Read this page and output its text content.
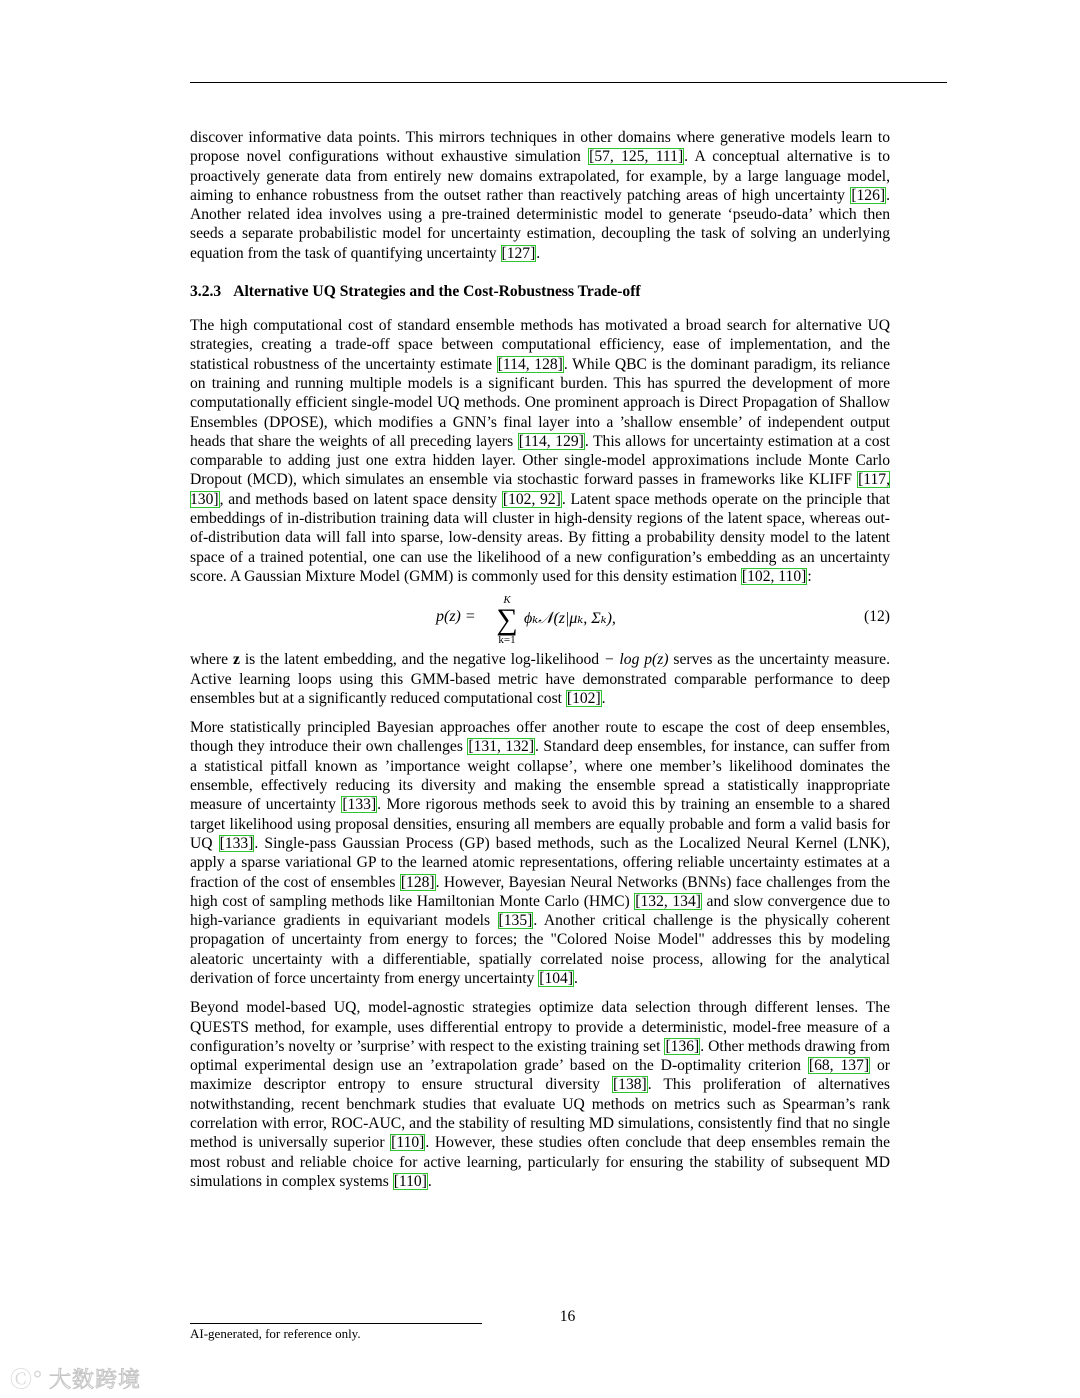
discover informative data points. This mirrors techniques in other domains where generative models learn to propose novel configurations without exhaustive simulation [57, 125, 111]. A conceptual alternative is to proactively generate data from entirely new domains extrapolated, for example, by a large language model, aiming to enhance robustness from the outset rather than reactively patching areas of high uncertainty [126]. Another related idea involves using a pre-trained deterministic model to generate ‘pseudo-data’ which then seeds a separate probabilistic model for uncertainty estimation, decoupling the task of solving an underlying equation from the task of quantifying uncertainty [127].

3.2.3 Alternative UQ Strategies and the Cost-Robustness Trade-off

The high computational cost of standard ensemble methods has motivated a broad search for alternative UQ strategies, creating a trade-off space between computational efficiency, ease of implementation, and the statistical robustness of the uncertainty estimate [114, 128]. While QBC is the dominant paradigm, its reliance on training and running multiple models is a significant burden. This has spurred the development of more computationally efficient single-model UQ methods. One prominent approach is Direct Propagation of Shallow Ensembles (DPOSE), which modifies a GNN’s final layer into a ’shallow ensemble’ of independent output heads that share the weights of all preceding layers [114, 129]. This allows for uncertainty estimation at a cost comparable to adding just one extra hidden layer. Other single-model approximations include Monte Carlo Dropout (MCD), which simulates an ensemble via stochastic forward passes in frameworks like KLIFF [117, 130], and methods based on latent space density [102, 92]. Latent space methods operate on the principle that embeddings of in-distribution training data will cluster in high-density regions of the latent space, whereas out-of-distribution data will fall into sparse, low-density areas. By fitting a probability density model to the latent space of a trained potential, one can use the likelihood of a new configuration’s embedding as an uncertainty score. A Gaussian Mixture Model (GMM) is commonly used for this density estimation [102, 110]:

p(z) =
K
∑
k=1
ϕₖ𝒩(z|μₖ, Σₖ),	(12)

where z is the latent embedding, and the negative log-likelihood − log p(z) serves as the uncertainty measure. Active learning loops using this GMM-based metric have demonstrated comparable performance to deep ensembles but at a significantly reduced computational cost [102].

More statistically principled Bayesian approaches offer another route to escape the cost of deep ensembles, though they introduce their own challenges [131, 132]. Standard deep ensembles, for instance, can suffer from a statistical pitfall known as ’importance weight collapse’, where one member’s likelihood dominates the ensemble, effectively reducing its diversity and making the ensemble spread a statistically inappropriate measure of uncertainty [133]. More rigorous methods seek to avoid this by training an ensemble to a shared target likelihood using proposal densities, ensuring all members are equally probable and form a valid basis for UQ [133]. Single-pass Gaussian Process (GP) based methods, such as the Localized Neural Kernel (LNK), apply a sparse variational GP to the learned atomic representations, offering reliable uncertainty estimates at a fraction of the cost of ensembles [128]. However, Bayesian Neural Networks (BNNs) face challenges from the high cost of sampling methods like Hamiltonian Monte Carlo (HMC) [132, 134] and slow convergence due to high-variance gradients in equivariant models [135]. Another critical challenge is the physically coherent propagation of uncertainty from energy to forces; the "Colored Noise Model" addresses this by modeling aleatoric uncertainty with a differentiable, spatially correlated noise process, allowing for the analytical derivation of force uncertainty from energy uncertainty [104].

Beyond model-based UQ, model-agnostic strategies optimize data selection through different lenses. The QUESTS method, for example, uses differential entropy to provide a deterministic, model-free measure of a configuration’s novelty or ’surprise’ with respect to the existing training set [136]. Other methods drawing from optimal experimental design use an ’extrapolation grade’ based on the D-optimality criterion [68, 137] or maximize descriptor entropy to ensure structural diversity [138]. This proliferation of alternatives notwithstanding, recent benchmark studies that evaluate UQ methods on metrics such as Spearman’s rank correlation with error, ROC-AUC, and the stability of resulting MD simulations, consistently find that no single method is universally superior [110]. However, these studies often conclude that deep ensembles remain the most robust and reliable choice for active learning, particularly for ensuring the stability of subsequent MD simulations in complex systems [110].

16
AI-generated, for reference only.
Ⓒ° 大数跨境
